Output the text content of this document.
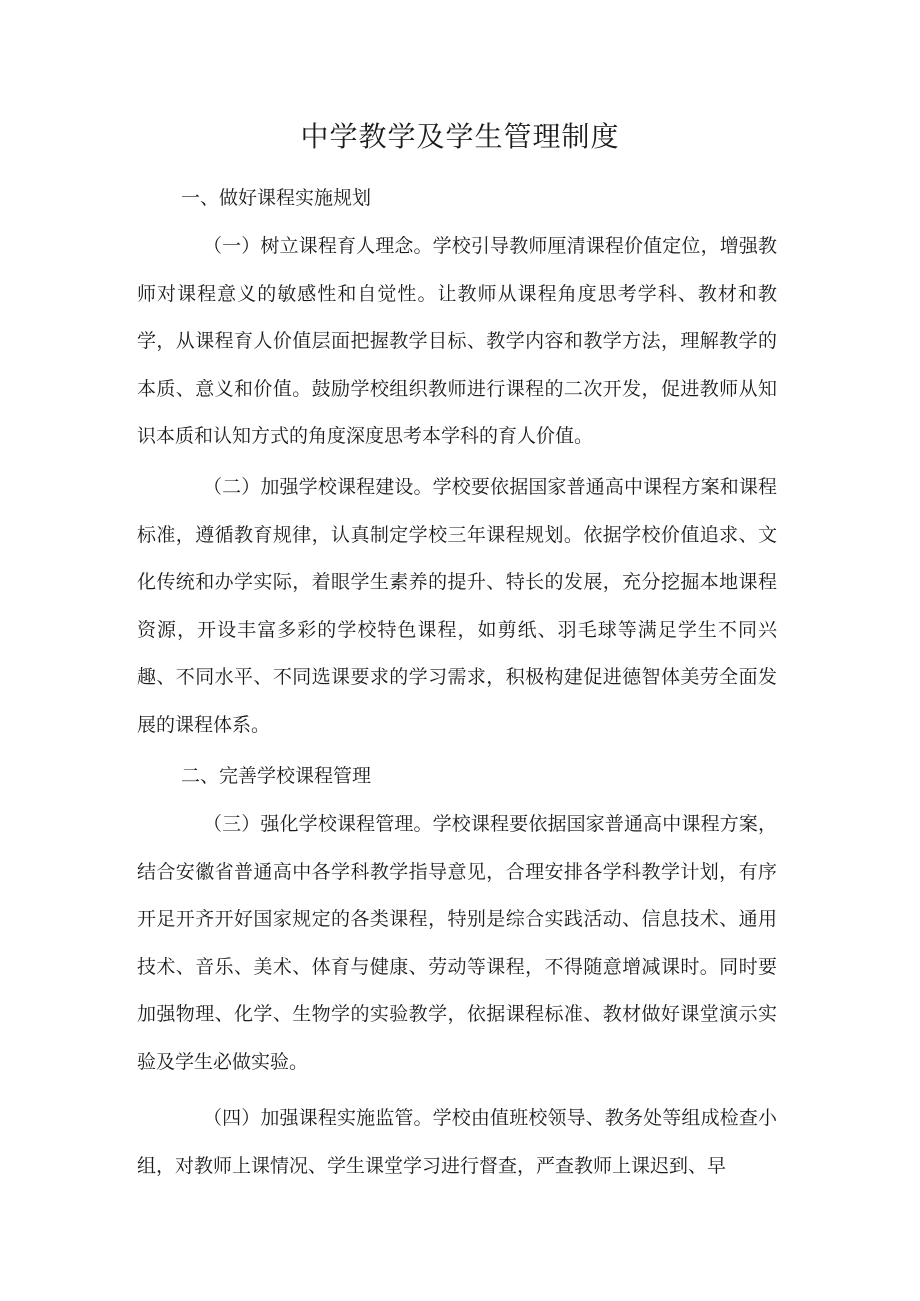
中学教学及学生管理制度
一、做好课程实施规划
（一）树立课程育人理念。学校引导教师厘清课程价值定位，增强教师对课程意义的敏感性和自觉性。让教师从课程角度思考学科、教材和教学，从课程育人价值层面把握教学目标、教学内容和教学方法，理解教学的本质、意义和价值。鼓励学校组织教师进行课程的二次开发，促进教师从知识本质和认知方式的角度深度思考本学科的育人价值。
（二）加强学校课程建设。学校要依据国家普通高中课程方案和课程标准，遵循教育规律，认真制定学校三年课程规划。依据学校价值追求、文化传统和办学实际，着眼学生素养的提升、特长的发展，充分挖掘本地课程资源，开设丰富多彩的学校特色课程，如剪纸、羽毛球等满足学生不同兴趣、不同水平、不同选课要求的学习需求，积极构建促进德智体美劳全面发展的课程体系。
二、完善学校课程管理
（三）强化学校课程管理。学校课程要依据国家普通高中课程方案，结合安徽省普通高中各学科教学指导意见，合理安排各学科教学计划，有序开足开齐开好国家规定的各类课程，特别是综合实践活动、信息技术、通用技术、音乐、美术、体育与健康、劳动等课程，不得随意增减课时。同时要加强物理、化学、生物学的实验教学，依据课程标准、教材做好课堂演示实验及学生必做实验。
（四）加强课程实施监管。学校由值班校领导、教务处等组成检查小组，对教师上课情况、学生课堂学习进行督查，严查教师上课迟到、早
